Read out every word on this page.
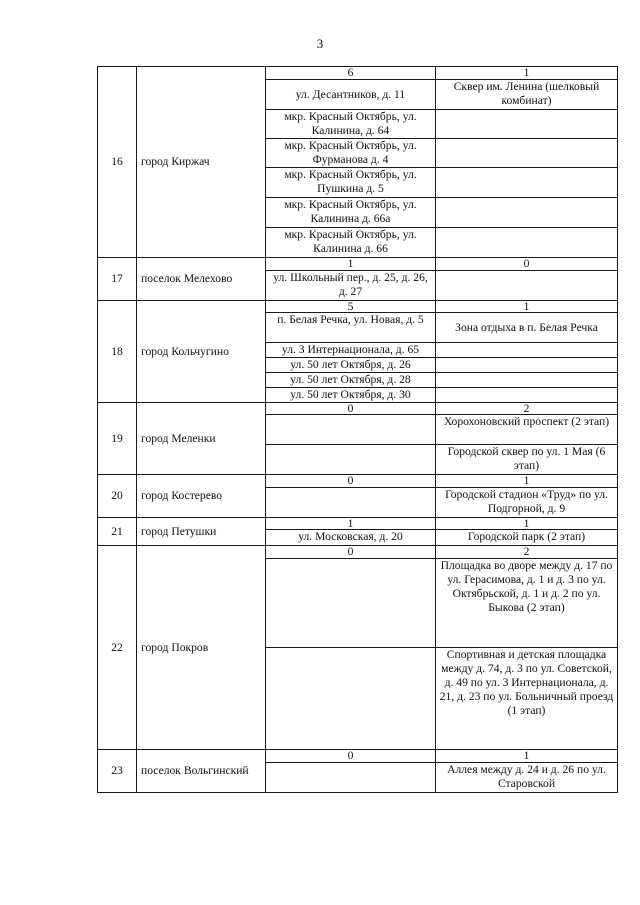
3
16	город Киржач	6	1
		ул. Десантников, д. 11	Сквер им. Ленина (шелковый комбинат)
		мкр. Красный Октябрь, ул. Калинина, д. 64	
		мкр. Красный Октябрь, ул. Фурманова д. 4	
		мкр. Красный Октябрь, ул. Пушкина д. 5	
		мкр. Красный Октябрь, ул. Калинина д. 66а	
		мкр. Красный Октябрь, ул. Калинина д. 66	
17	поселок Мелехово	1	0
		ул. Школьный пер., д. 25, д. 26, д. 27	
18	город Кольчугино	5	1
		п. Белая Речка, ул. Новая, д. 5	Зона отдыха в п. Белая Речка
		ул. 3 Интернационала, д. 65	
		ул. 50 лет Октября, д. 26	
		ул. 50 лет Октября, д. 28	
		ул. 50 лет Октября, д. 30	
19	город Меленки	0	2
			Хорохоновский проспект (2 этап)
			Городской сквер по ул. 1 Мая (6 этап)
20	город Костерево	0	1
			Городской стадион «Труд» по ул. Подгорной, д. 9
21	город Петушки	1	1
		ул. Московская, д. 20	Городской парк (2 этап)
22	город Покров	0	2
			Площадка во дворе между д. 17 по ул. Герасимова, д. 1 и д. 3 по ул. Октябрьской, д. 1 и д. 2 по ул. Быкова (2 этап)
			Спортивная и детская площадка между д. 74, д. 3 по ул. Советской, д. 49 по ул. 3 Интернационала, д. 21, д. 23 по ул. Больничный проезд (1 этап)
23	поселок Вольгинский	0	1
			Аллея между д. 24 и д. 26 по ул. Старовской
